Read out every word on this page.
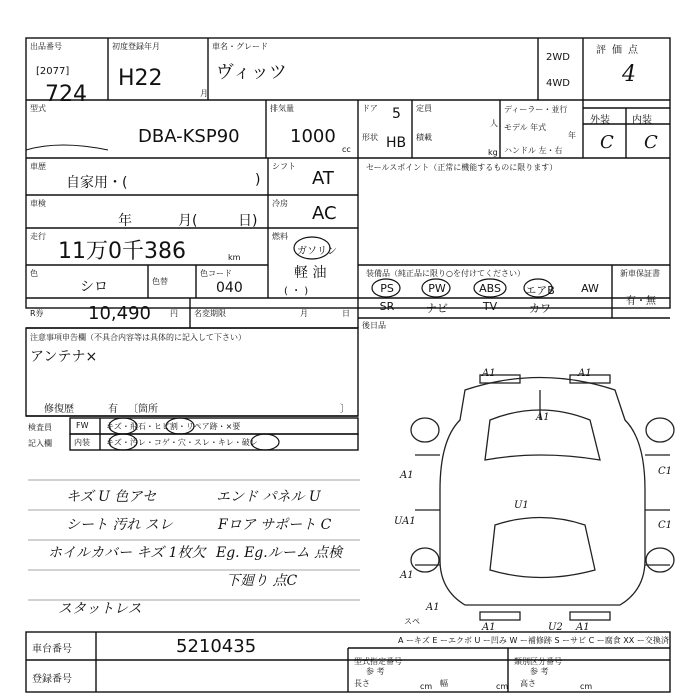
出品番号
[2077]
724
初度登録年月
H22
月
車名・グレード
ヴィッツ
2WD
4WD
評価点
4
型式
DBA-KSP90
排気量
1000
cc
ドア 5
形状 HB
定員
人
積載
kg
ディーラー・並行
モデル 年式
年
ハンドル 左・右
外装 内装
C C
車歴
自家用・(	)
シフト
AT
車検
年	月(	日)
冷房 AC
走行
11万0千386	km
燃料
ガソリン
軽 油
( ・ )
色
シロ	色替
色コード
040
R券 10,490 円 名変期限	月	日
注意事項申告欄（不具合内容等は具体的に記入して下さい）
アンテナ×
修復歴	有 〔箇所	〕
検査員
記入欄
FW キズ・飛石・ヒビ割・リペア跡・×要
内装 キズ・汚レ・コゲ・穴・スレ・キレ・破レ
キズ U 色アセ
シート 汚れ スレ
ホイルカバー キズ 1枚欠
エンド パネル U
Fロア サポート C
Eg. Eg.ルーム 点検
下廻り 点C
スタットレス
セールスポイント（正常に機能するものに限ります）
装備品（純正品に限り○を付けてください）
PS	PW	ABS	エアB	AW
SR	ナビ	TV	カワ
新車保証書
有・無
後日品
A1	A1
A1
A1	C1
UA1	C1
A1
A1
A1
U1
U2 A1
スペ
A ーキズ E ーエクボ U ー凹み W ー補修跡 S ーサビ C ー腐食 XX ー交換済
車台番号	5210435
登録番号
型式指定番号
参 考
類別区分番号
参 考
長さ	cm 幅	cm 高さ	cm
